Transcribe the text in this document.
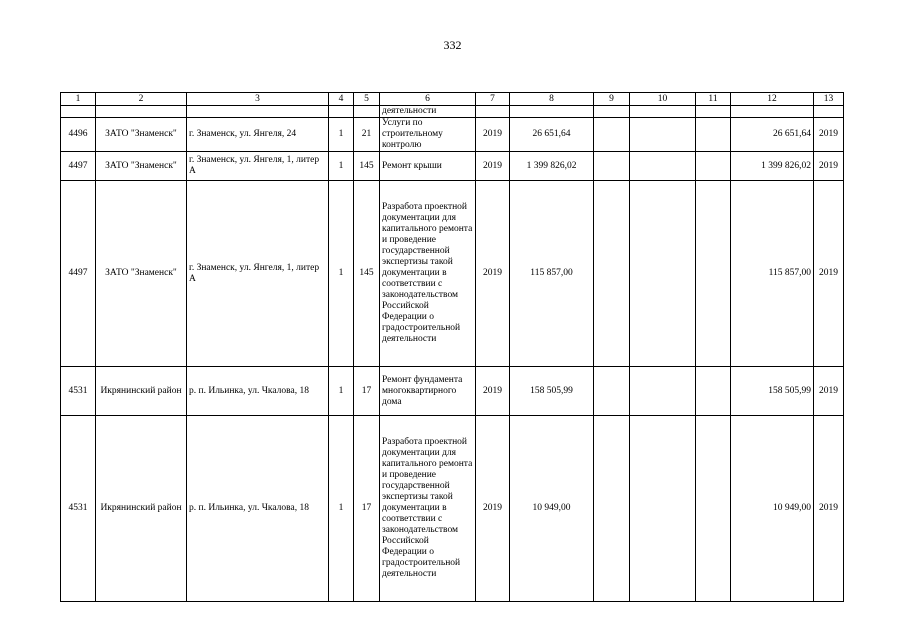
332
1	2	3	4	5	6	7	8	9	10	11	12	13
					деятельности							
4496	ЗАТО "Знаменск"	г. Знаменск, ул. Янгеля, 24	1	21	Услуги по строительному контролю	2019	26 651,64				26 651,64	2019
4497	ЗАТО "Знаменск"	г. Знаменск, ул. Янгеля, 1, литер А	1	145	Ремонт крыши	2019	1 399 826,02				1 399 826,02	2019
4497	ЗАТО "Знаменск"	г. Знаменск, ул. Янгеля, 1, литер А	1	145	Разработа проектной документации для капитального ремонта и проведение государственной экспертизы такой документации в соответствии с законодательством Российской Федерации о градостроительной деятельности	2019	115 857,00				115 857,00	2019
4531	Икрянинский район	р. п. Ильинка, ул. Чкалова, 18	1	17	Ремонт фундамента многоквартирного дома	2019	158 505,99				158 505,99	2019
4531	Икрянинский район	р. п. Ильинка, ул. Чкалова, 18	1	17	Разработа проектной документации для капитального ремонта и проведение государственной экспертизы такой документации в соответствии с законодательством Российской Федерации о градостроительной деятельности	2019	10 949,00				10 949,00	2019
